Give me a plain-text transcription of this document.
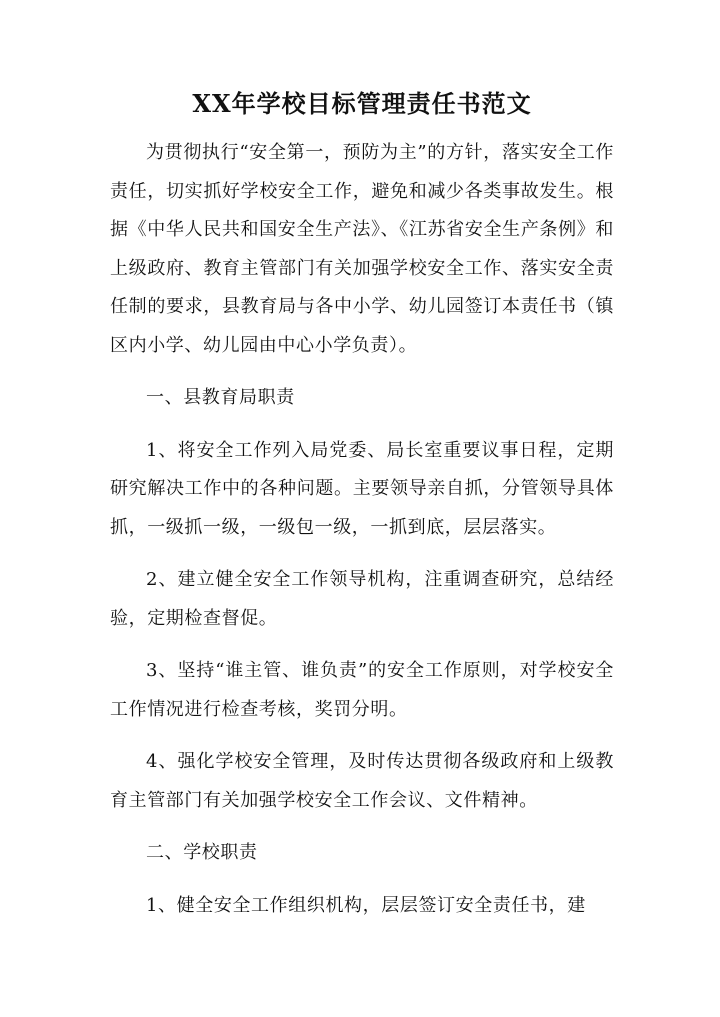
XX年学校目标管理责任书范文

为贯彻执行“安全第一，预防为主”的方针，落实安全工作责任，切实抓好学校安全工作，避免和减少各类事故发生。根据《中华人民共和国安全生产法》、《江苏省安全生产条例》和上级政府、教育主管部门有关加强学校安全工作、落实安全责任制的要求，县教育局与各中小学、幼儿园签订本责任书（镇区内小学、幼儿园由中心小学负责）。

一、县教育局职责

1、将安全工作列入局党委、局长室重要议事日程，定期研究解决工作中的各种问题。主要领导亲自抓，分管领导具体抓，一级抓一级，一级包一级，一抓到底，层层落实。

2、建立健全安全工作领导机构，注重调查研究，总结经验，定期检查督促。

3、坚持“谁主管、谁负责”的安全工作原则，对学校安全工作情况进行检查考核，奖罚分明。

4、强化学校安全管理，及时传达贯彻各级政府和上级教育主管部门有关加强学校安全工作会议、文件精神。

二、学校职责

1、健全安全工作组织机构，层层签订安全责任书，建
